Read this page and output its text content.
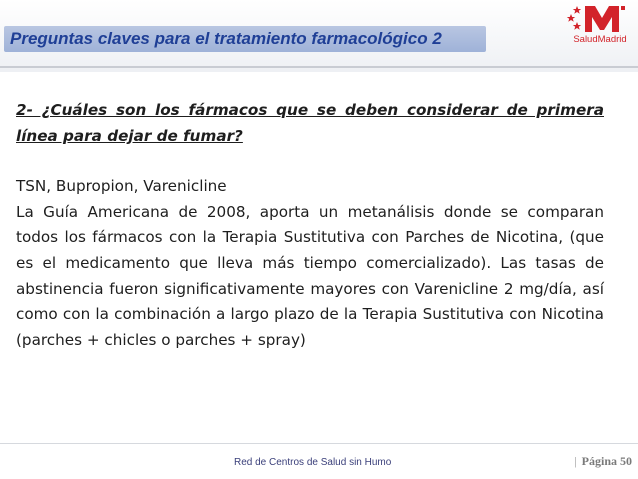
Preguntas claves para el tratamiento farmacológico 2	SaludMadrid

2- ¿Cuáles son los fármacos que se deben considerar de primera línea para dejar de fumar?

TSN, Bupropion, Varenicline

La Guía Americana de 2008, aporta un metanálisis donde se comparan todos los fármacos con la Terapia Sustitutiva con Parches de Nicotina, (que es el medicamento que lleva más tiempo comercializado). Las tasas de abstinencia fueron significativamente mayores con Varenicline 2 mg/día, así como con la combinación a largo plazo de la Terapia Sustitutiva con Nicotina (parches + chicles o parches + spray)

Red de Centros de Salud sin Humo	| Página 50
